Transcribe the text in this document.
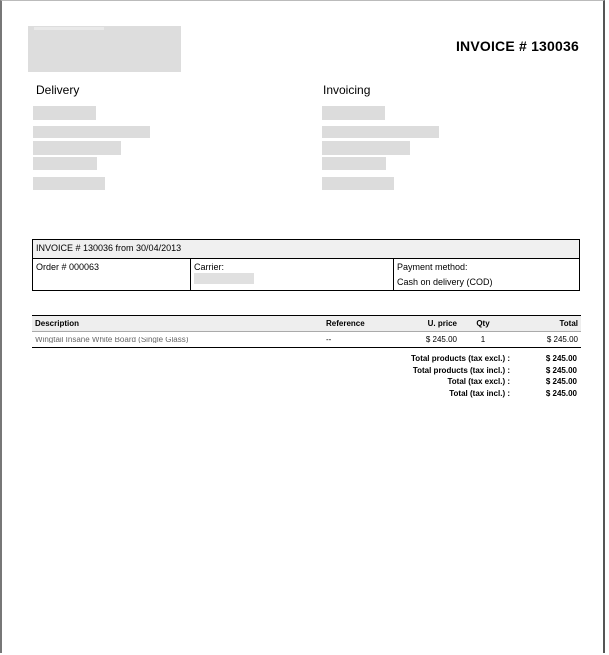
INVOICE # 130036
Delivery	Invoicing
INVOICE # 130036 from 30/04/2013
Order # 000063	Carrier:	Payment method:
Cash on delivery (COD)
Description	Reference	U. price	Qty	Total
Wingtail Insane White Board (Single Glass)	--	$ 245.00	1	$ 245.00
Total products (tax excl.) :	$ 245.00
Total products (tax incl.) :	$ 245.00
Total (tax excl.) :	$ 245.00
Total (tax incl.) :	$ 245.00
